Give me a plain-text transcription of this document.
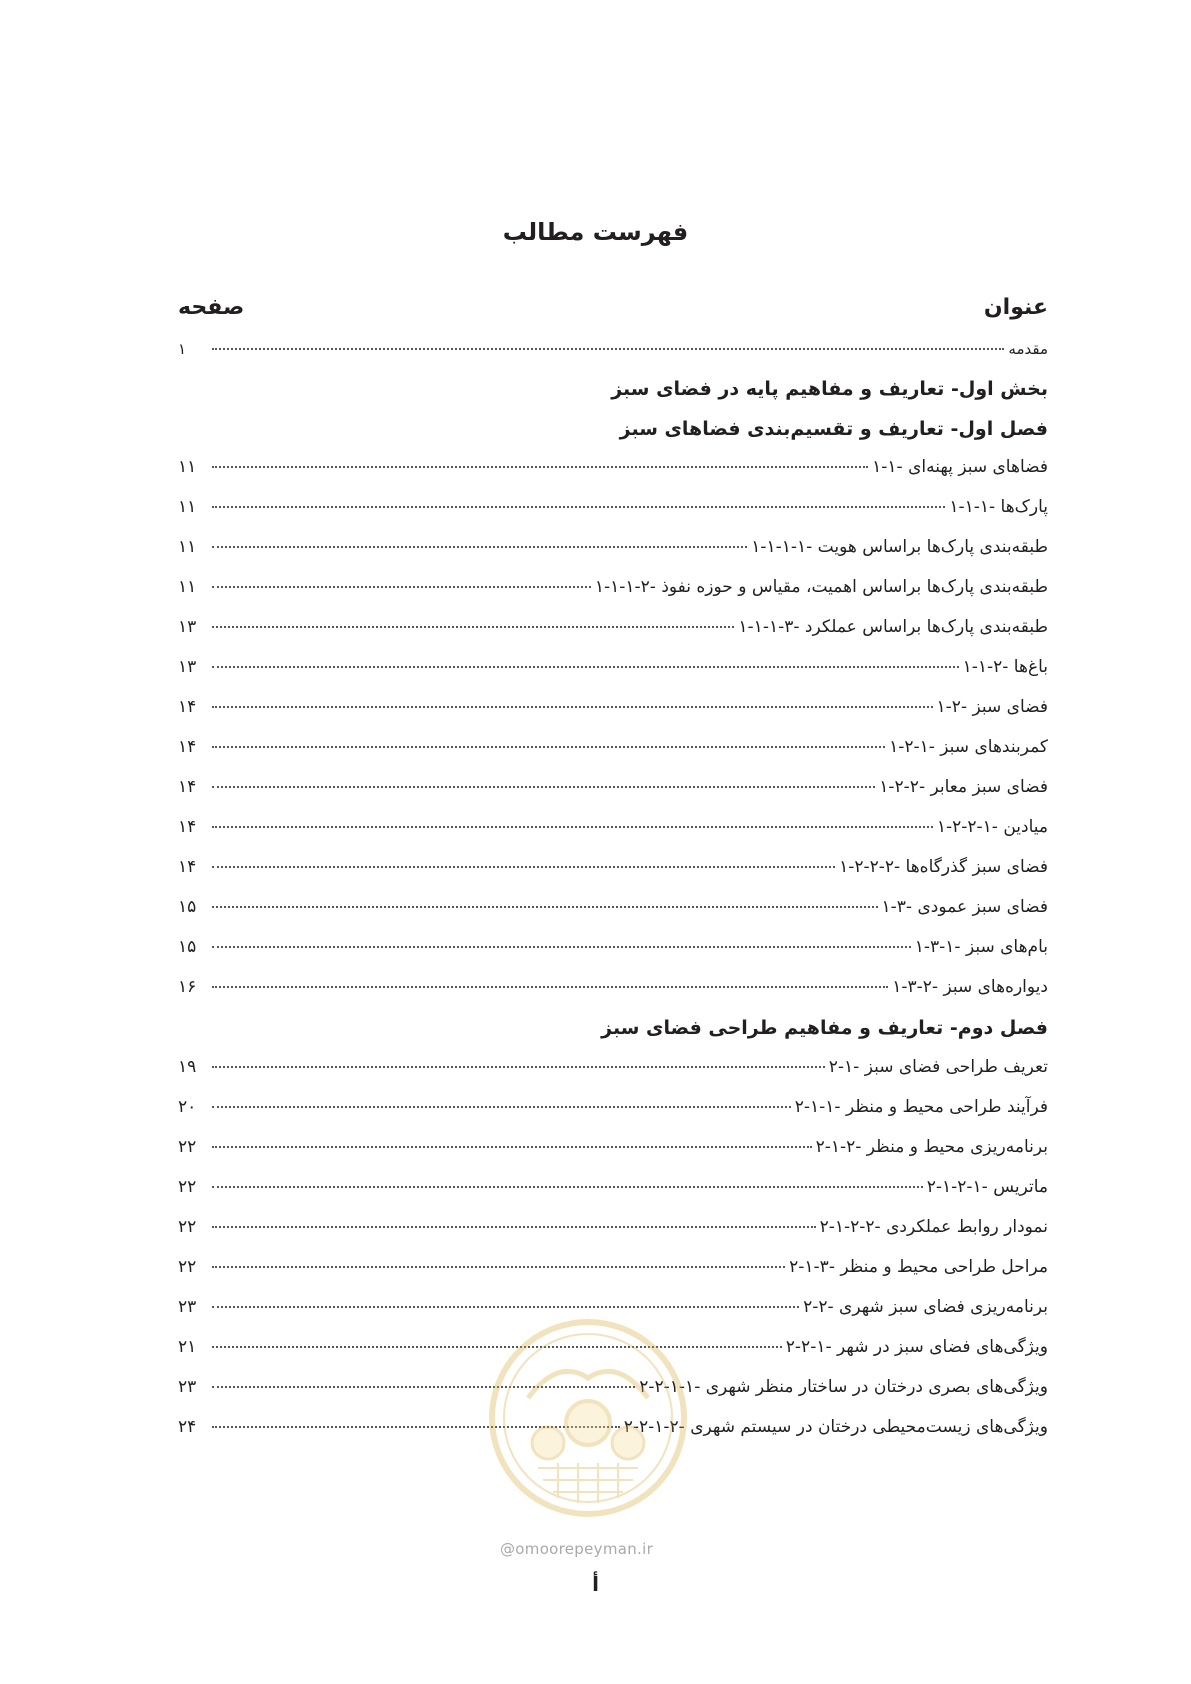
فهرست مطالب
عنوان
صفحه
مقدمه
۱
بخش اول- تعاریف و مفاهیم پایه در فضای سبز
فصل اول- تعاریف و تقسیم‌بندی فضاهای سبز
۱-۱- فضاهای سبز پهنه‌ای
۱۱
۱-۱-۱- پارک‌ها
۱۱
۱-۱-۱-۱- طبقه‌بندی پارک‌ها براساس هویت
۱۱
۱-۱-۱-۲- طبقه‌بندی پارک‌ها براساس اهمیت، مقیاس و حوزه نفوذ
۱۱
۱-۱-۱-۳- طبقه‌بندی پارک‌ها براساس عملکرد
۱۳
۱-۱-۲- باغ‌ها
۱۳
۱-۲- فضای سبز
۱۴
۱-۲-۱- کمربندهای سبز
۱۴
۱-۲-۲- فضای سبز معابر
۱۴
۱-۲-۲-۱- میادین
۱۴
۱-۲-۲-۲- فضای سبز گذرگاه‌ها
۱۴
۱-۳- فضای سبز عمودی
۱۵
۱-۳-۱- بام‌های سبز
۱۵
۱-۳-۲- دیواره‌های سبز
۱۶
فصل دوم- تعاریف و مفاهیم طراحی فضای سبز
۲-۱- تعریف طراحی فضای سبز
۱۹
۲-۱-۱- فرآیند طراحی محیط و منظر
۲۰
۲-۱-۲- برنامه‌ریزی محیط و منظر
۲۲
۲-۱-۲-۱- ماتریس
۲۲
۲-۱-۲-۲- نمودار روابط عملکردی
۲۲
۲-۱-۳- مراحل طراحی محیط و منظر
۲۲
۲-۲- برنامه‌ریزی فضای سبز شهری
۲۳
۲-۲-۱- ویژگی‌های فضای سبز در شهر
۲۱
۲-۲-۱-۱- ویژگی‌های بصری درختان در ساختار منظر شهری
۲۳
۲-۲-۱-۲- ویژگی‌های زیست‌محیطی درختان در سیستم شهری
۲۴
@omoorepeyman.ir
أ
